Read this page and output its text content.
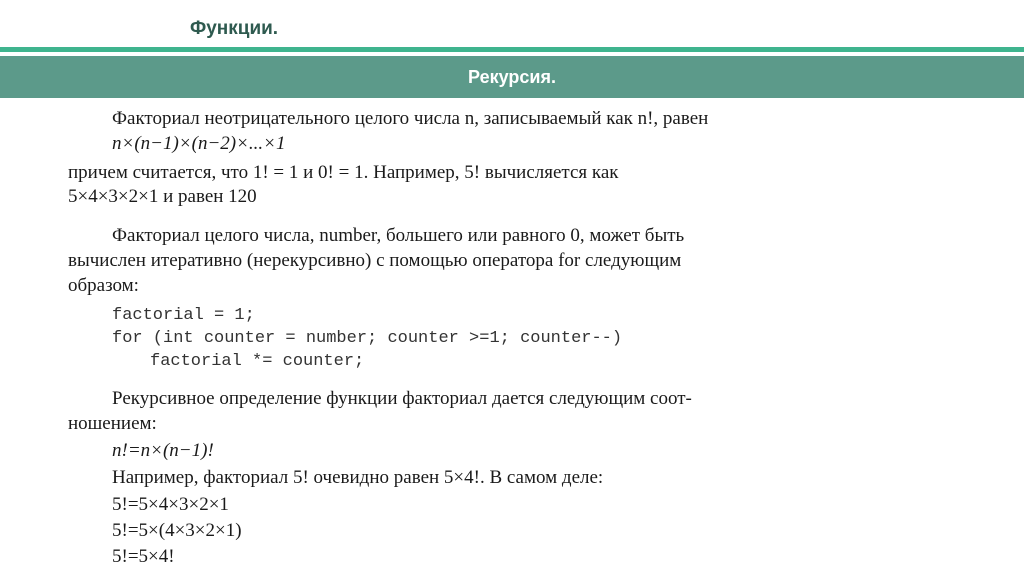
Функции.
Рекурсия.
Факториал неотрицательного целого числа n, записываемый как n!, равен
n×(n−1)×(n−2)×...×1
причем считается, что 1! = 1 и 0! = 1. Например, 5! вычисляется как
5×4×3×2×1 и равен 120
Факториал целого числа, number, большего или равного 0, может быть
вычислен итеративно (нерекурсивно) с помощью оператора for следующим
образом:
factorial = 1;
for (int counter = number; counter >=1; counter--)
factorial *= counter;
Рекурсивное определение функции факториал дается следующим соот-
ношением:
n!=n×(n−1)!
Например, факториал 5! очевидно равен 5×4!. В самом деле:
5!=5×4×3×2×1
5!=5×(4×3×2×1)
5!=5×4!
